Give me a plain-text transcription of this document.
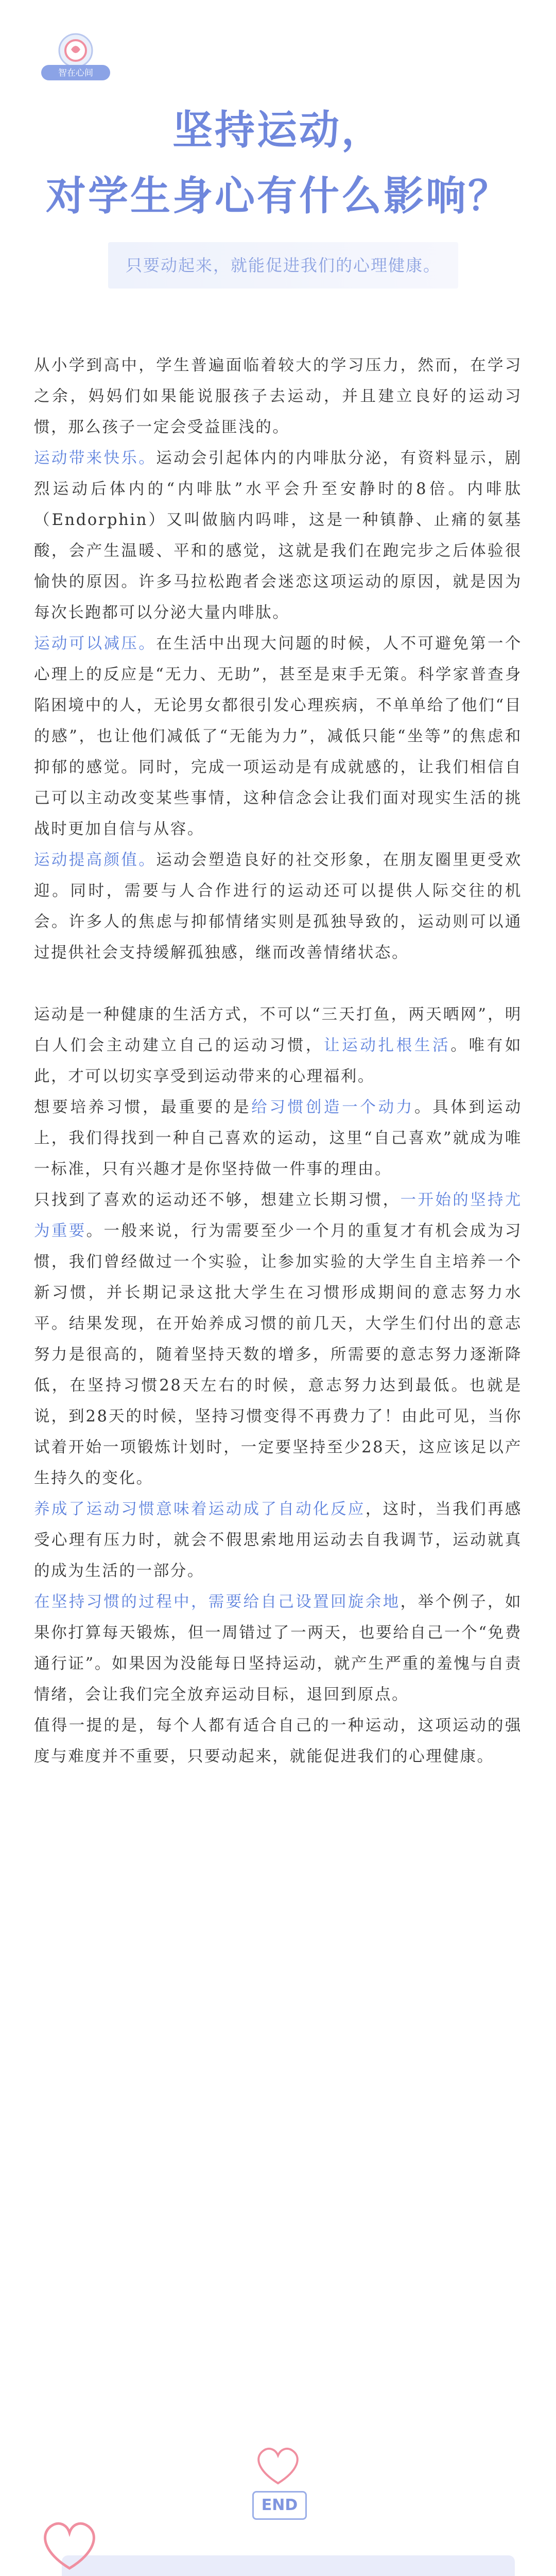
智在心间
坚持运动，
对学生身心有什么影响？
只要动起来，就能促进我们的心理健康。

从小学到高中，学生普遍面临着较大的学习压力，然而，在学习之余，妈妈们如果能说服孩子去运动，并且建立良好的运动习惯，那么孩子一定会受益匪浅的。

运动带来快乐。运动会引起体内的内啡肽分泌，有资料显示，剧烈运动后体内的“内啡肽”水平会升至安静时的8倍。内啡肽（Endorphin）又叫做脑内吗啡，这是一种镇静、止痛的氨基酸，会产生温暖、平和的感觉，这就是我们在跑完步之后体验很愉快的原因。许多马拉松跑者会迷恋这项运动的原因，就是因为每次长跑都可以分泌大量内啡肽。

运动可以减压。在生活中出现大问题的时候，人不可避免第一个心理上的反应是“无力、无助”，甚至是束手无策。科学家普查身陷困境中的人，无论男女都很引发心理疾病，不单单给了他们“目的感”，也让他们减低了“无能为力”，减低只能“坐等”的焦虑和抑郁的感觉。同时，完成一项运动是有成就感的，让我们相信自己可以主动改变某些事情，这种信念会让我们面对现实生活的挑战时更加自信与从容。

运动提高颜值。运动会塑造良好的社交形象，在朋友圈里更受欢迎。同时，需要与人合作进行的运动还可以提供人际交往的机会。许多人的焦虑与抑郁情绪实则是孤独导致的，运动则可以通过提供社会支持缓解孤独感，继而改善情绪状态。

运动是一种健康的生活方式，不可以“三天打鱼，两天晒网”，明白人们会主动建立自己的运动习惯，让运动扎根生活。唯有如此，才可以切实享受到运动带来的心理福利。

想要培养习惯，最重要的是给习惯创造一个动力。具体到运动上，我们得找到一种自己喜欢的运动，这里“自己喜欢”就成为唯一标准，只有兴趣才是你坚持做一件事的理由。

只找到了喜欢的运动还不够，想建立长期习惯，一开始的坚持尤为重要。一般来说，行为需要至少一个月的重复才有机会成为习惯，我们曾经做过一个实验，让参加实验的大学生自主培养一个新习惯，并长期记录这批大学生在习惯形成期间的意志努力水平。结果发现，在开始养成习惯的前几天，大学生们付出的意志努力是很高的，随着坚持天数的增多，所需要的意志努力逐渐降低，在坚持习惯28天左右的时候，意志努力达到最低。也就是说，到28天的时候，坚持习惯变得不再费力了！由此可见，当你试着开始一项锻炼计划时，一定要坚持至少28天，这应该足以产生持久的变化。

养成了运动习惯意味着运动成了自动化反应，这时，当我们再感受心理有压力时，就会不假思索地用运动去自我调节，运动就真的成为生活的一部分。

在坚持习惯的过程中，需要给自己设置回旋余地，举个例子，如果你打算每天锻炼，但一周错过了一两天，也要给自己一个“免费通行证”。如果因为没能每日坚持运动，就产生严重的羞愧与自责情绪，会让我们完全放弃运动目标，退回到原点。

值得一提的是，每个人都有适合自己的一种运动，这项运动的强度与难度并不重要，只要动起来，就能促进我们的心理健康。

END
